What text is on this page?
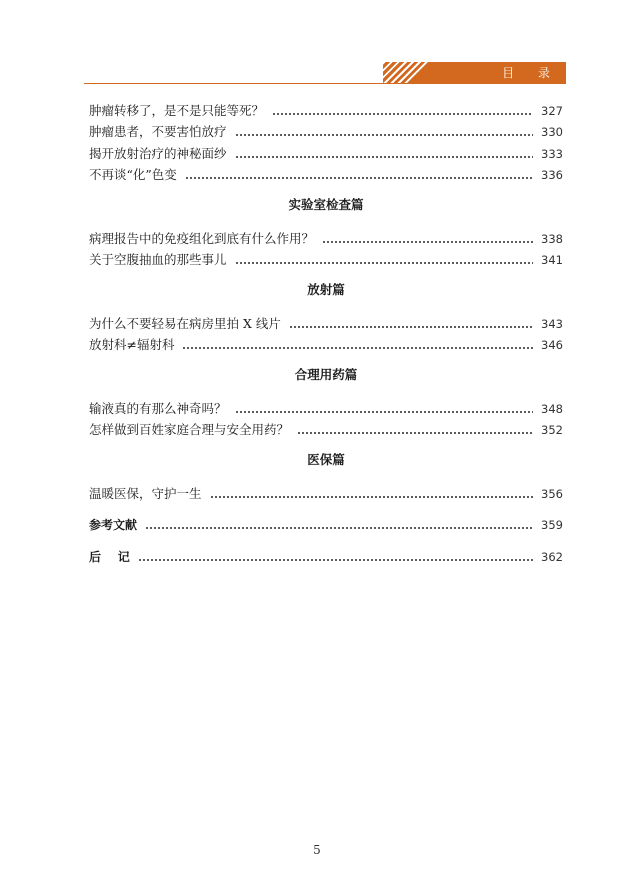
目 录
肿瘤转移了，是不是只能等死？	327
肿瘤患者，不要害怕放疗	330
揭开放射治疗的神秘面纱	333
不再谈“化”色变	336
实验室检查篇
病理报告中的免疫组化到底有什么作用？	338
关于空腹抽血的那些事儿	341
放射篇
为什么不要轻易在病房里拍 X 线片	343
放射科≠辐射科	346
合理用药篇
输液真的有那么神奇吗？	348
怎样做到百姓家庭合理与安全用药？	352
医保篇
温暖医保，守护一生	356
参考文献	359
后    记	362
5
